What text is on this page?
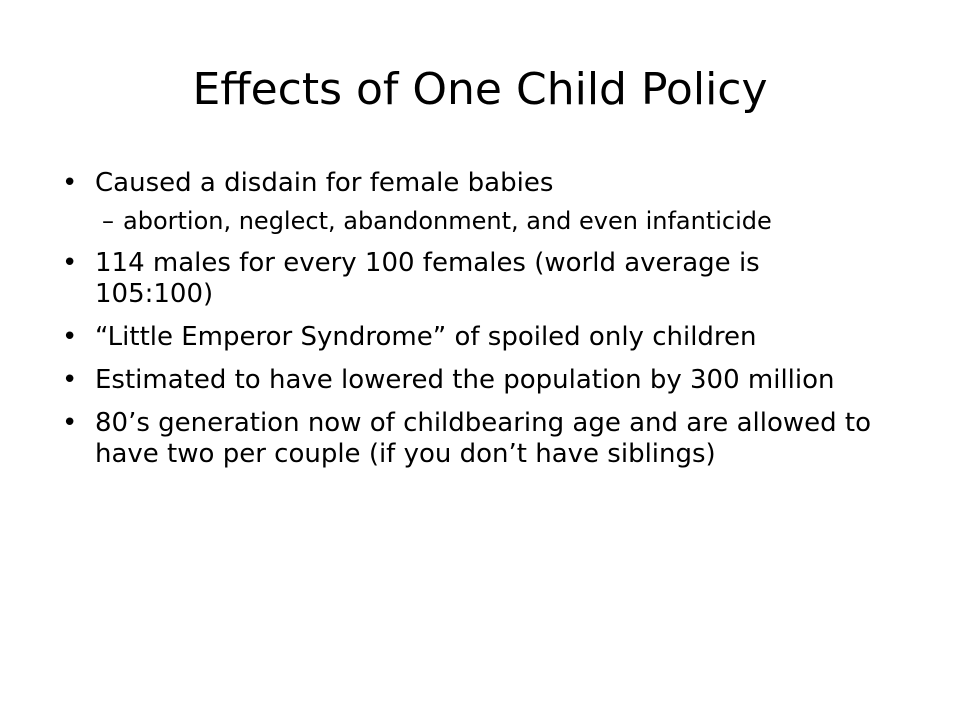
Effects of One Child Policy
• Caused a disdain for female babies
– abortion, neglect, abandonment, and even infanticide
• 114 males for every 100 females (world average is 105:100)
• “Little Emperor Syndrome” of spoiled only children
• Estimated to have lowered the population by 300 million
• 80’s generation now of childbearing age and are allowed to have two per couple (if you don’t have siblings)
